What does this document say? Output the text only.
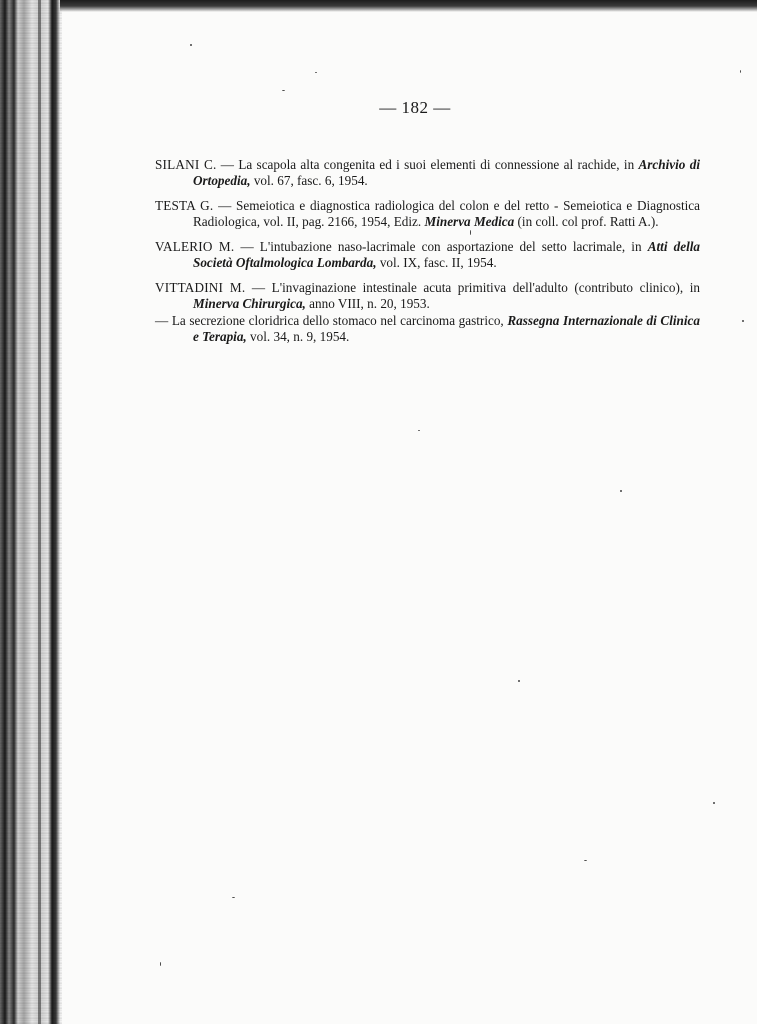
— 182 —

SILANI C. — La scapola alta congenita ed i suoi elementi di connessione al rachide, in Archivio di Ortopedia, vol. 67, fasc. 6, 1954.

TESTA G. — Semeiotica e diagnostica radiologica del colon e del retto - Semeiotica e Diagnostica Radiologica, vol. II, pag. 2166, 1954, Ediz. Minerva Medica (in coll. col prof. Ratti A.).

VALERIO M. — L'intubazione naso-lacrimale con asportazione del setto lacrimale, in Atti della Società Oftalmologica Lombarda, vol. IX, fasc. II, 1954.

VITTADINI M. — L'invaginazione intestinale acuta primitiva dell'adulto (contributo clinico), in Minerva Chirurgica, anno VIII, n. 20, 1953.

— La secrezione cloridrica dello stomaco nel carcinoma gastrico, Rassegna Internazionale di Clinica e Terapia, vol. 34, n. 9, 1954.
